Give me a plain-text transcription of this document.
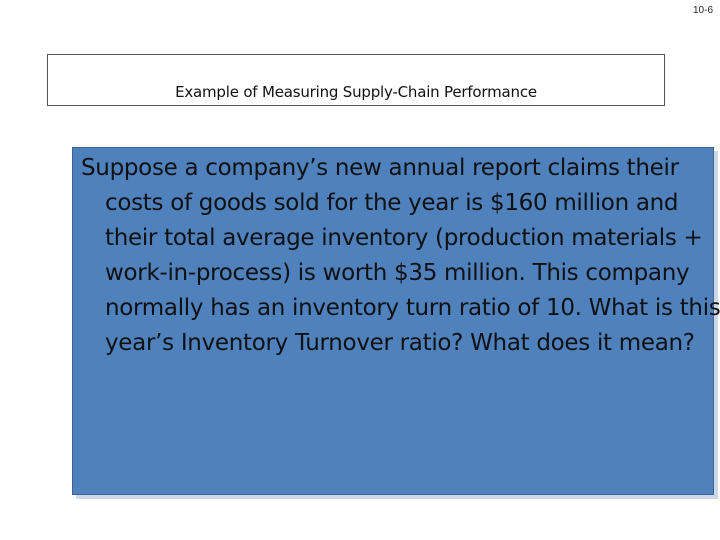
10-6
Example of Measuring Supply-Chain Performance

Suppose a company’s new annual report claims their costs of goods sold for the year is $160 million and their total average inventory (production materials + work-in-process) is worth $35 million. This company normally has an inventory turn ratio of 10. What is this year’s Inventory Turnover ratio? What does it mean?
